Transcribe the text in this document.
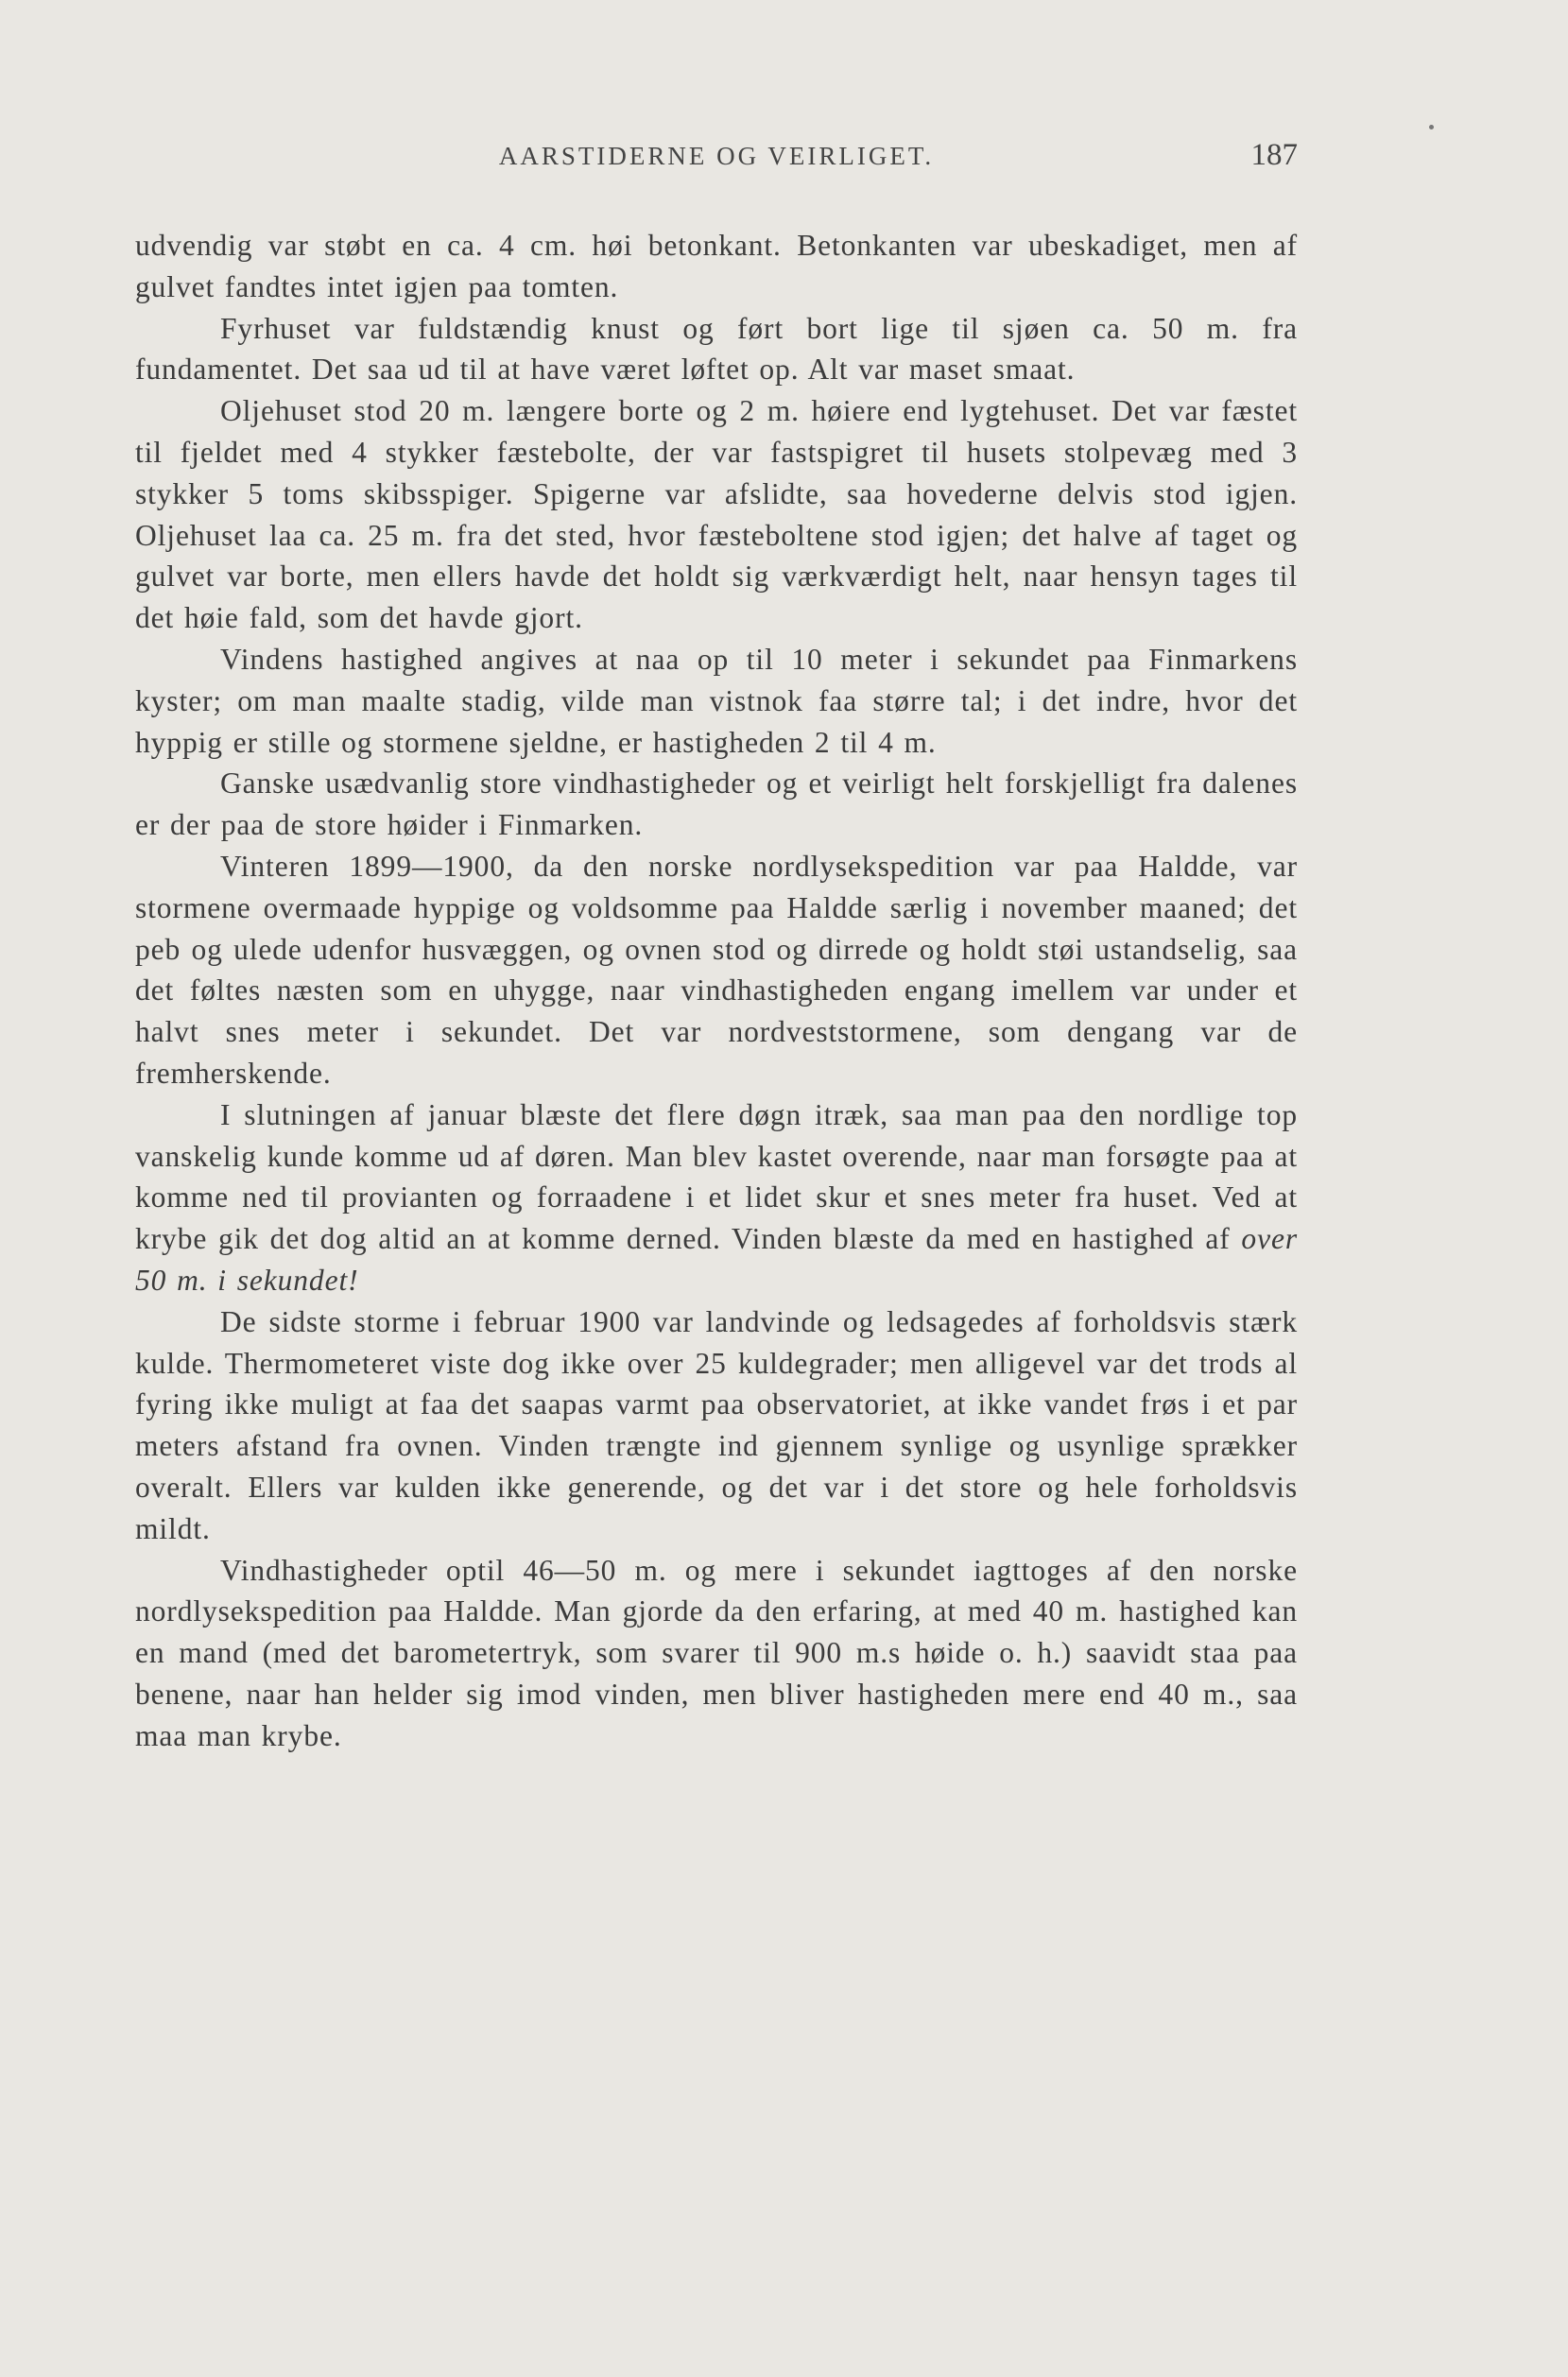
AARSTIDERNE OG VEIRLIGET.	187

udvendig var støbt en ca. 4 cm. høi betonkant. Betonkanten var ubeskadiget, men af gulvet fandtes intet igjen paa tomten.

Fyrhuset var fuldstændig knust og ført bort lige til sjøen ca. 50 m. fra fundamentet. Det saa ud til at have været løftet op. Alt var maset smaat.

Oljehuset stod 20 m. længere borte og 2 m. høiere end lygtehuset. Det var fæstet til fjeldet med 4 stykker fæstebolte, der var fastspigret til husets stolpevæg med 3 stykker 5 toms skibsspiger. Spigerne var afslidte, saa hovederne delvis stod igjen. Oljehuset laa ca. 25 m. fra det sted, hvor fæsteboltene stod igjen; det halve af taget og gulvet var borte, men ellers havde det holdt sig værkværdigt helt, naar hensyn tages til det høie fald, som det havde gjort.

Vindens hastighed angives at naa op til 10 meter i sekundet paa Finmarkens kyster; om man maalte stadig, vilde man vistnok faa større tal; i det indre, hvor det hyppig er stille og stormene sjeldne, er hastigheden 2 til 4 m.

Ganske usædvanlig store vindhastigheder og et veirligt helt forskjelligt fra dalenes er der paa de store høider i Finmarken.

Vinteren 1899—1900, da den norske nordlysekspedition var paa Haldde, var stormene overmaade hyppige og voldsomme paa Haldde særlig i november maaned; det peb og ulede udenfor husvæggen, og ovnen stod og dirrede og holdt støi ustandselig, saa det føltes næsten som en uhygge, naar vindhastigheden engang imellem var under et halvt snes meter i sekundet. Det var nordveststormene, som dengang var de fremherskende.

I slutningen af januar blæste det flere døgn itræk, saa man paa den nordlige top vanskelig kunde komme ud af døren. Man blev kastet overende, naar man forsøgte paa at komme ned til provianten og forraadene i et lidet skur et snes meter fra huset. Ved at krybe gik det dog altid an at komme derned. Vinden blæste da med en hastighed af over 50 m. i sekundet!

De sidste storme i februar 1900 var landvinde og ledsagedes af forholdsvis stærk kulde. Thermometeret viste dog ikke over 25 kuldegrader; men alligevel var det trods al fyring ikke muligt at faa det saapas varmt paa observatoriet, at ikke vandet frøs i et par meters afstand fra ovnen. Vinden trængte ind gjennem synlige og usynlige sprækker overalt. Ellers var kulden ikke generende, og det var i det store og hele forholdsvis mildt.

Vindhastigheder optil 46—50 m. og mere i sekundet iagttoges af den norske nordlysekspedition paa Haldde. Man gjorde da den erfaring, at med 40 m. hastighed kan en mand (med det barometertryk, som svarer til 900 m.s høide o. h.) saavidt staa paa benene, naar han helder sig imod vinden, men bliver hastigheden mere end 40 m., saa maa man krybe.
